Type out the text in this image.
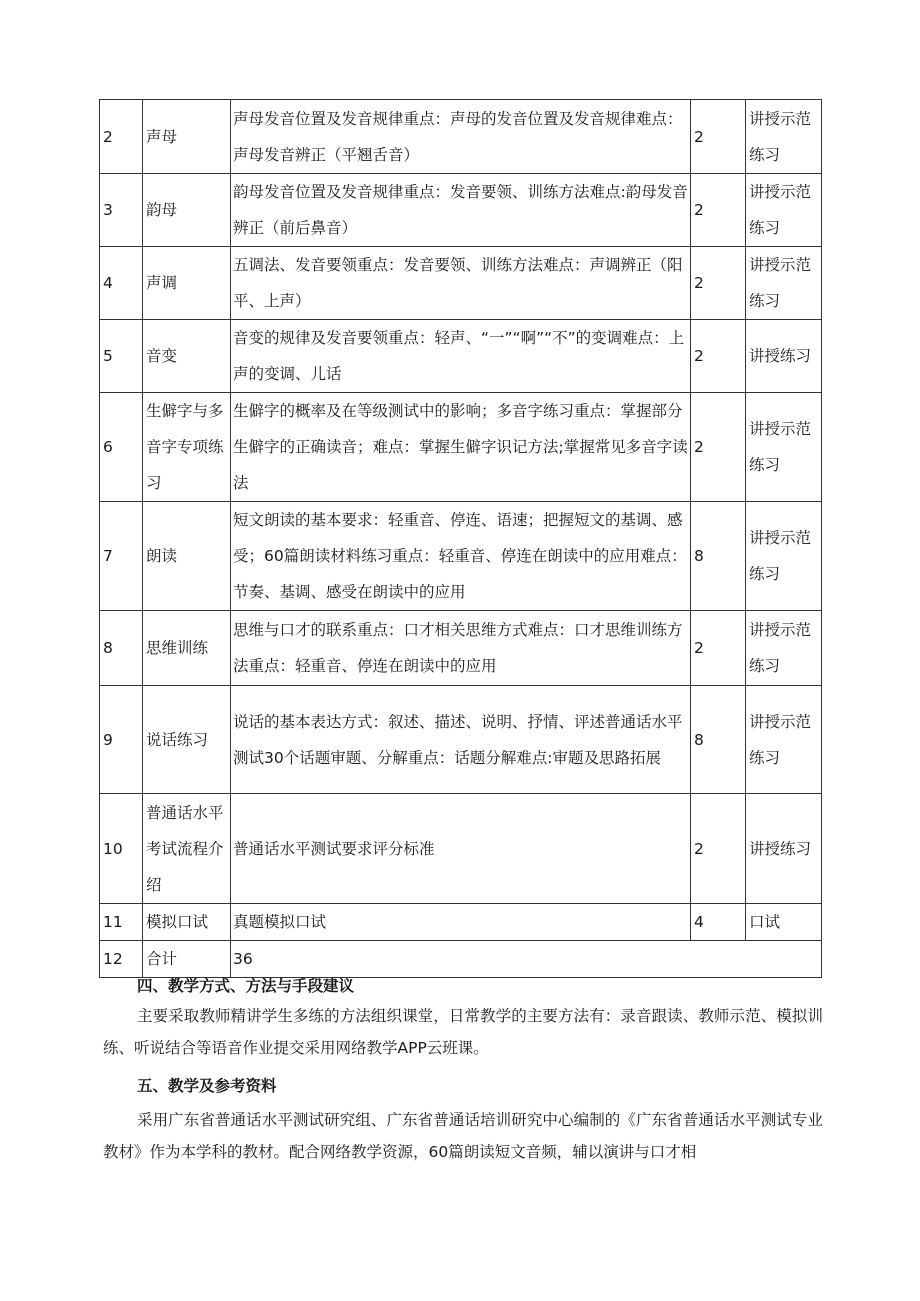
2	声母	声母发音位置及发音规律重点：声母的发音位置及发音规律难点：声母发音辨正（平翘舌音）	2	讲授示范练习
3	韵母	韵母发音位置及发音规律重点：发音要领、训练方法难点:韵母发音辨正（前后鼻音）	2	讲授示范练习
4	声调	五调法、发音要领重点：发音要领、训练方法难点：声调辨正（阳平、上声）	2	讲授示范练习
5	音变	音变的规律及发音要领重点：轻声、“一”“啊”“不”的变调难点：上声的变调、儿话	2	讲授练习
6	生僻字与多音字专项练习	生僻字的概率及在等级测试中的影响；多音字练习重点：掌握部分生僻字的正确读音；难点：掌握生僻字识记方法;掌握常见多音字读法	2	讲授示范练习
7	朗读	短文朗读的基本要求：轻重音、停连、语速；把握短文的基调、感受；60篇朗读材料练习重点：轻重音、停连在朗读中的应用难点：节奏、基调、感受在朗读中的应用	8	讲授示范练习
8	思维训练	思维与口才的联系重点：口才相关思维方式难点：口才思维训练方法重点：轻重音、停连在朗读中的应用	2	讲授示范练习
9	说话练习	说话的基本表达方式：叙述、描述、说明、抒情、评述普通话水平测试30个话题审题、分解重点：话题分解难点:审题及思路拓展	8	讲授示范练习
10	普通话水平考试流程介绍	普通话水平测试要求评分标准	2	讲授练习
11	模拟口试	真题模拟口试	4	口试
12	合计	36		

四、教学方式、方法与手段建议

主要采取教师精讲学生多练的方法组织课堂，日常教学的主要方法有：录音跟读、教师示范、模拟训练、听说结合等语音作业提交采用网络教学APP云班课。

五、教学及参考资料

采用广东省普通话水平测试研究组、广东省普通话培训研究中心编制的《广东省普通话水平测试专业教材》作为本学科的教材。配合网络教学资源，60篇朗读短文音频，辅以演讲与口才相
